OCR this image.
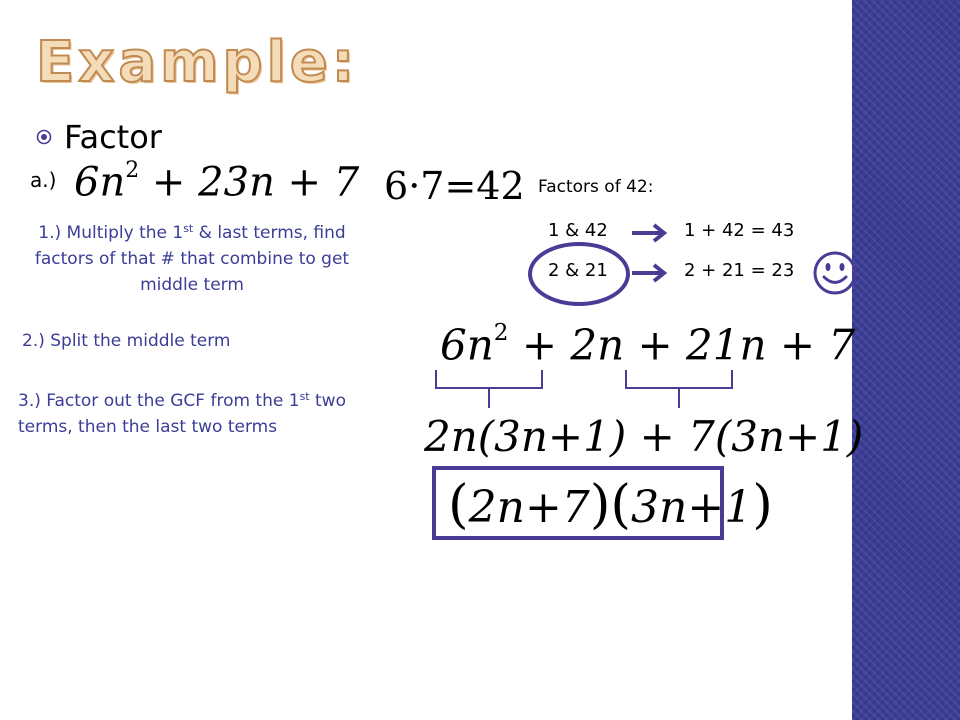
Example:
Factor
a.) $6n^2 + 23n + 7$ 6·7=42
1.) Multiply the 1st & last terms, find factors of that # that combine to get middle term
2.) Split the middle term
3.) Factor out the GCF from the 1st two terms, then the last two terms
Factors of 42:
1 & 42	1 + 42 = 43
2 & 21	2 + 21 = 23
$6n^2 + 2n + 21n + 7$
2n(3n+1) + 7(3n+1)
(2n+7)(3n+1)
